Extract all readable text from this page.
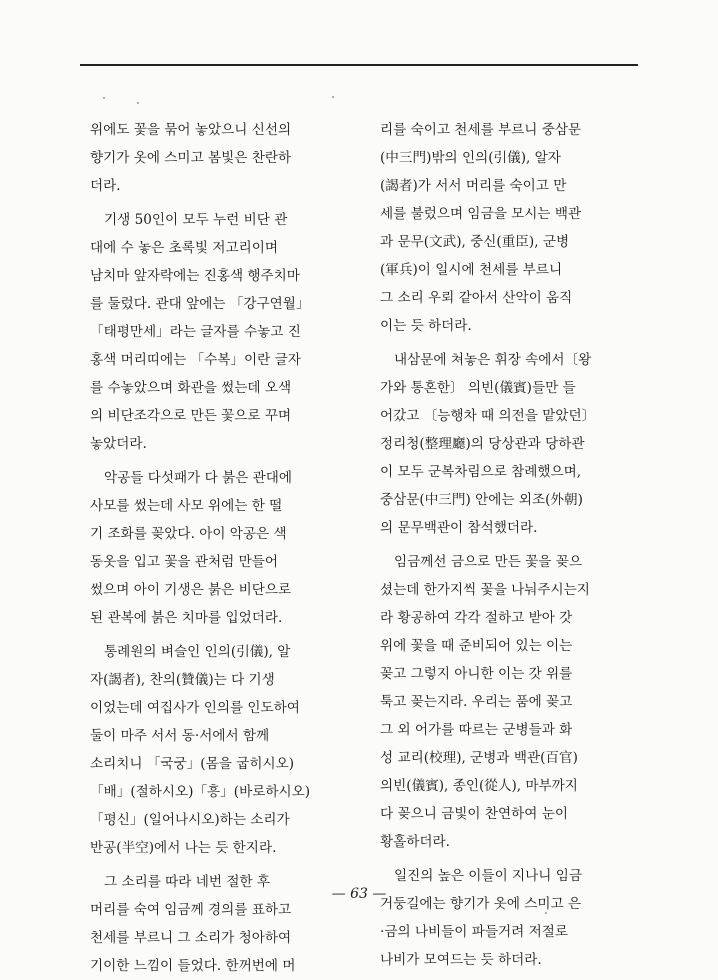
위에도 꽃을 묶어 놓았으니 신선의
향기가 옷에 스미고 봄빛은 찬란하
더라.
기생 50인이 모두 누런 비단 관
대에 수 놓은 초록빛 저고리이며
남치마 앞자락에는 진홍색 행주치마
를 둘렀다. 관대 앞에는 「강구연월」
「태평만세」라는 글자를 수놓고 진
홍색 머리띠에는 「수복」이란 글자
를 수놓았으며 화관을 썼는데 오색
의 비단조각으로 만든 꽃으로 꾸며
놓았더라.
악공들 다섯패가 다 붉은 관대에
사모를 썼는데 사모 위에는 한 떨
기 조화를 꽂았다. 아이 악공은 색
동옷을 입고 꽃을 관처럼 만들어
썼으며 아이 기생은 붉은 비단으로
된 관복에 붉은 치마를 입었더라.
통례원의 벼슬인 인의(引儀), 알
자(謁者), 찬의(贊儀)는 다 기생
이었는데 여집사가 인의를 인도하여
둘이 마주 서서 동·서에서 함께
소리치니 「국궁」(몸을 굽히시오)
「배」(절하시오)「흥」(바로하시오)
「평신」(일어나시오)하는 소리가
반공(半空)에서 나는 듯 한지라.
그 소리를 따라 네번 절한 후
머리를 숙여 임금께 경의를 표하고
천세를 부르니 그 소리가 청아하여
기이한 느낌이 들었다. 한꺼번에 머
리를 숙이고 천세를 부르니 중삼문
(中三門)밖의 인의(引儀), 알자
(謁者)가 서서 머리를 숙이고 만
세를 불렀으며 임금을 모시는 백관
과 문무(文武), 중신(重臣), 군병
(軍兵)이 일시에 천세를 부르니
그 소리 우뢰 같아서 산악이 움직
이는 듯 하더라.
내삼문에 쳐놓은 휘장 속에서〔왕
가와 통혼한〕 의빈(儀賓)들만 들
어갔고 〔능행차 때 의전을 맡았던〕
정리청(整理廳)의 당상관과 당하관
이 모두 군복차림으로 참례했으며,
중삼문(中三門) 안에는 외조(外朝)
의 문무백관이 참석했더라.
임금께선 금으로 만든 꽃을 꽂으
셨는데 한가지씩 꽃을 나눠주시는지
라 황공하여 각각 절하고 받아 갓
위에 꽃을 때 준비되어 있는 이는
꽂고 그렇지 아니한 이는 갓 위를
툭고 꽂는지라. 우리는 품에 꽂고
그 외 어가를 따르는 군병들과 화
성 교리(校理), 군병과 백관(百官)
의빈(儀賓), 종인(從人), 마부까지
다 꽂으니 금빛이 찬연하여 눈이
황홀하더라.
일진의 높은 이들이 지나니 임금
거둥길에는 향기가 옷에 스미고 은
·금의 나비들이 파들거려 저절로
나비가 모여드는 듯 하더라.
— 63 —
